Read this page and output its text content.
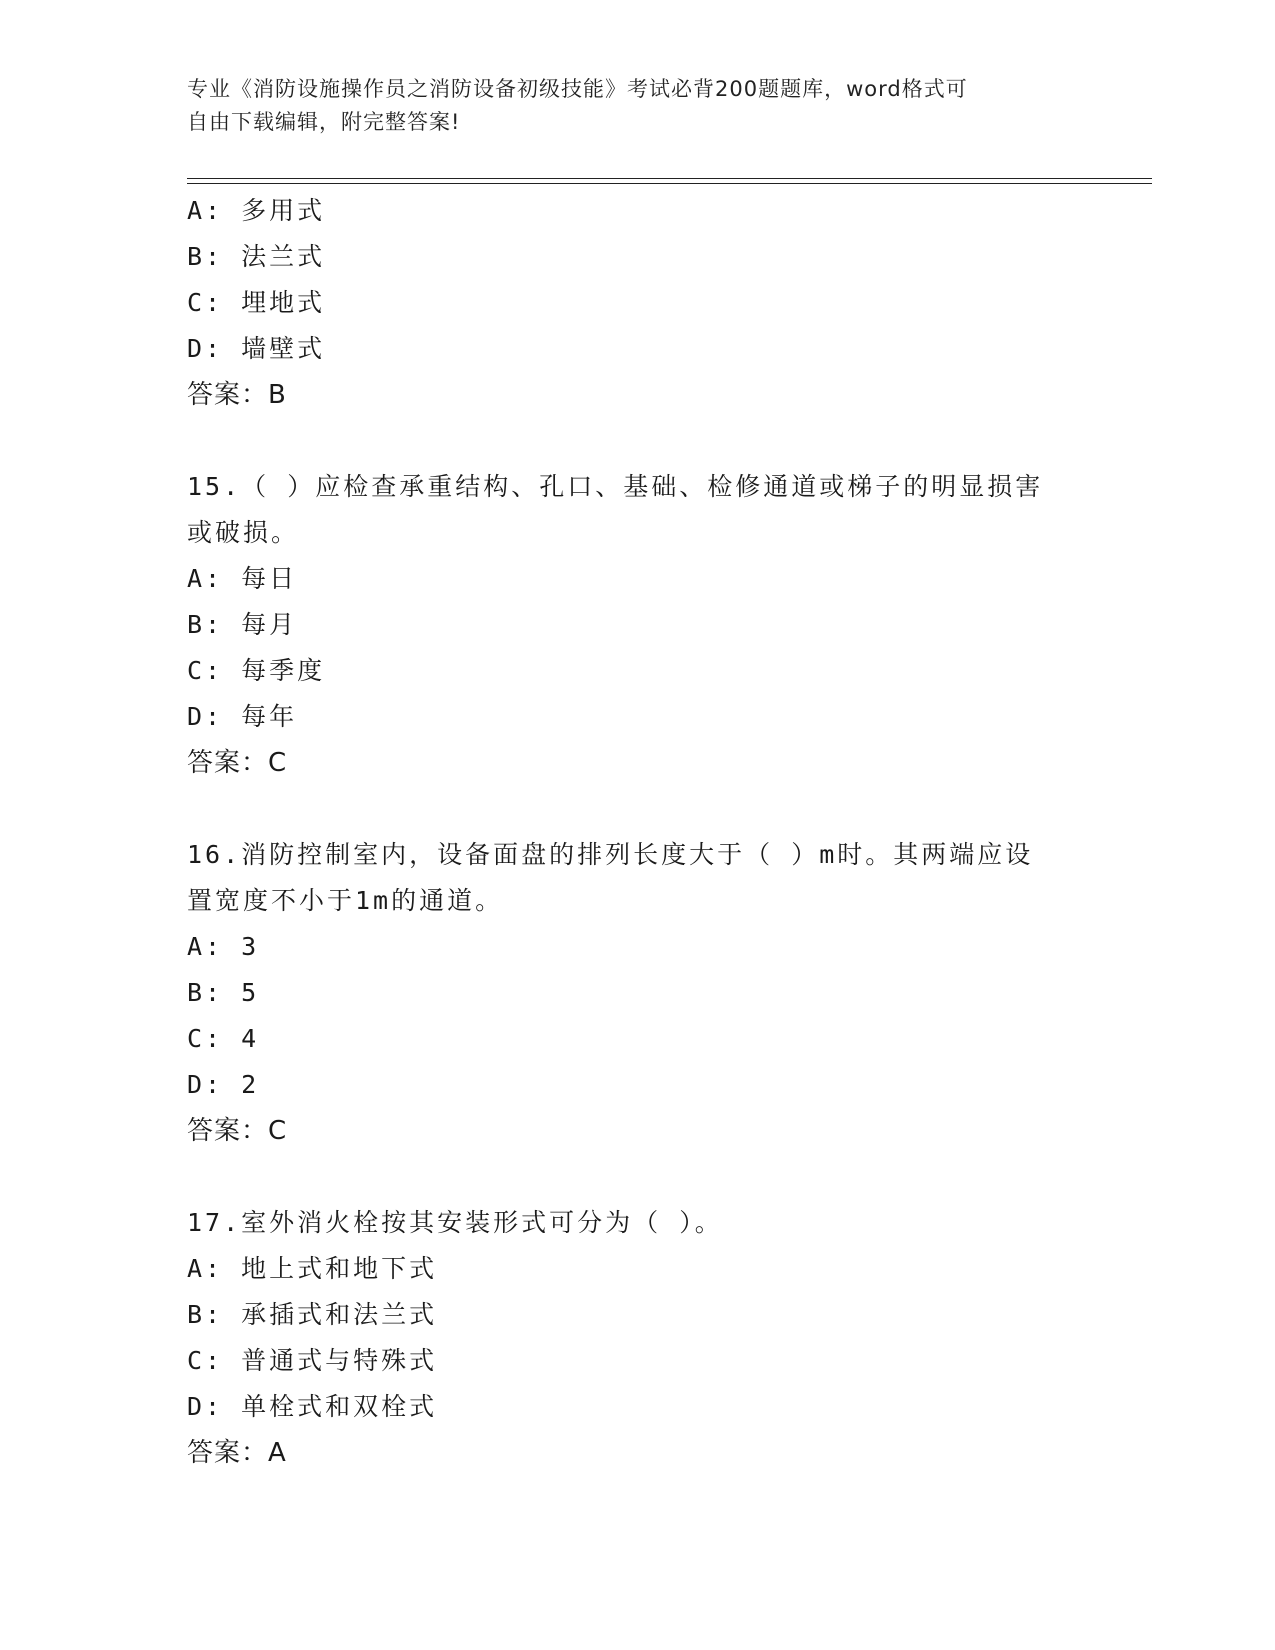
专业《消防设施操作员之消防设备初级技能》考试必背200题题库，word格式可
自由下载编辑，附完整答案!
A: 多用式
B: 法兰式
C: 埋地式
D: 墙壁式
答案：B
15.（ ）应检查承重结构、孔口、基础、检修通道或梯子的明显损害
或破损。
A: 每日
B: 每月
C: 每季度
D: 每年
答案：C
16.消防控制室内，设备面盘的排列长度大于（ ）m时。其两端应设
置宽度不小于1m的通道。
A: 3
B: 5
C: 4
D: 2
答案：C
17.室外消火栓按其安装形式可分为（ ）。
A: 地上式和地下式
B: 承插式和法兰式
C: 普通式与特殊式
D: 单栓式和双栓式
答案：A
